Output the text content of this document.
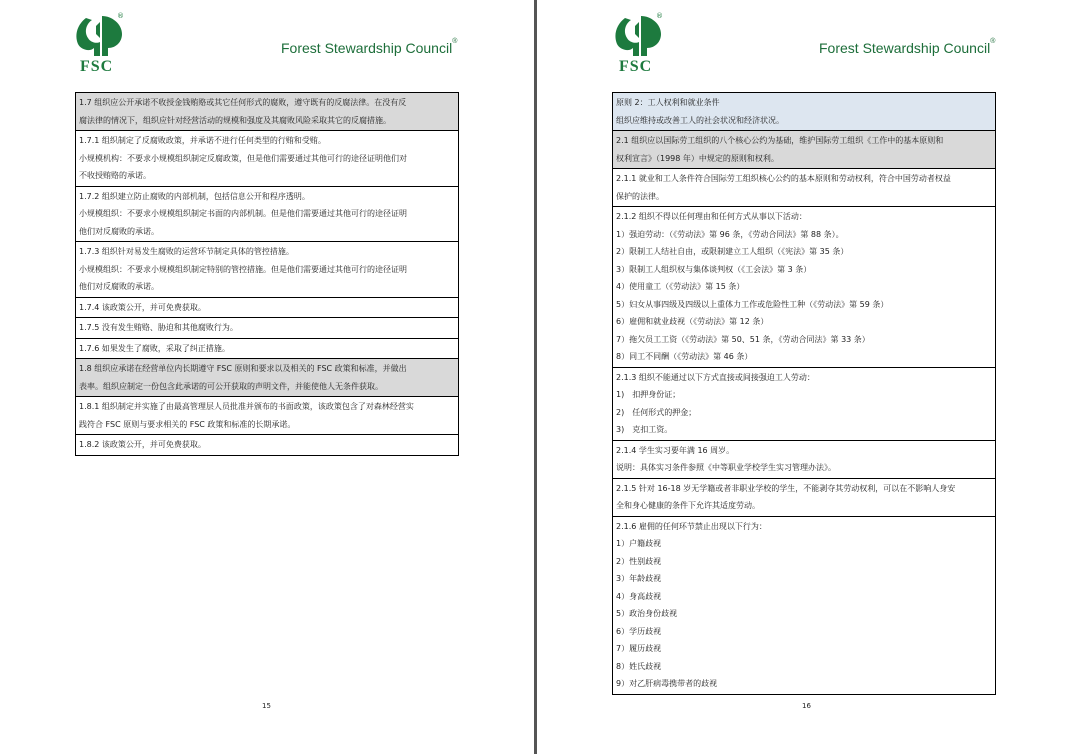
FSC
®
Forest Stewardship Council®
1.7 组织应公开承诺不收授金钱贿赂或其它任何形式的腐败，遵守既有的反腐法律。在没有反
腐法律的情况下，组织应针对经营活动的规模和强度及其腐败风险采取其它的反腐措施。
1.7.1 组织制定了反腐败政策，并承诺不进行任何类型的行贿和受贿。
小规模机构：不要求小规模组织制定反腐政策，但是他们需要通过其他可行的途径证明他们对
不收授贿赂的承诺。
1.7.2 组织建立防止腐败的内部机制，包括信息公开和程序透明。
小规模组织：不要求小规模组织制定书面的内部机制。但是他们需要通过其他可行的途径证明
他们对反腐败的承诺。
1.7.3 组织针对易发生腐败的运营环节制定具体的管控措施。
小规模组织：不要求小规模组织制定特别的管控措施。但是他们需要通过其他可行的途径证明
他们对反腐败的承诺。
1.7.4 该政策公开，并可免费获取。
1.7.5 没有发生贿赂、胁迫和其他腐败行为。
1.7.6 如果发生了腐败，采取了纠正措施。
1.8 组织应承诺在经营单位内长期遵守 FSC 原则和要求以及相关的 FSC 政策和标准，并做出
表率。组织应制定一份包含此承诺的可公开获取的声明文件，并能使他人无条件获取。
1.8.1 组织制定并实施了由最高管理层人员批准并颁布的书面政策，该政策包含了对森林经营实
践符合 FSC 原则与要求相关的 FSC 政策和标准的长期承诺。
1.8.2 该政策公开，并可免费获取。
15
FSC
®
Forest Stewardship Council®
原则 2：工人权利和就业条件
组织应维持或改善工人的社会状况和经济状况。
2.1 组织应以国际劳工组织的八个核心公约为基础，维护国际劳工组织《工作中的基本原则和
权利宣言》（1998 年）中规定的原则和权利。
2.1.1 就业和工人条件符合国际劳工组织核心公约的基本原则和劳动权利，符合中国劳动者权益
保护的法律。
2.1.2 组织不得以任何理由和任何方式从事以下活动：
1）强迫劳动：（《劳动法》第 96 条，《劳动合同法》第 88 条）。
2）限制工人结社自由，或限制建立工人组织（《宪法》第 35 条）
3）限制工人组织权与集体谈判权（《工会法》第 3 条）
4）使用童工（《劳动法》第 15 条）
5）妇女从事四级及四级以上重体力工作或危险性工种（《劳动法》第 59 条）
6）雇佣和就业歧视（《劳动法》第 12 条）
7）拖欠员工工资（《劳动法》第 50、51 条，《劳动合同法》第 33 条）
8）同工不同酬（《劳动法》第 46 条）
2.1.3 组织不能通过以下方式直接或间接强迫工人劳动：
1)　扣押身份证；
2)　任何形式的押金；
3)　克扣工资。
2.1.4 学生实习要年满 16 周岁。
说明：具体实习条件参照《中等职业学校学生实习管理办法》。
2.1.5 针对 16-18 岁无学籍或者非职业学校的学生，不能剥夺其劳动权利，可以在不影响人身安
全和身心健康的条件下允许其适度劳动。
2.1.6 雇佣的任何环节禁止出现以下行为：
1）户籍歧视
2）性别歧视
3）年龄歧视
4）身高歧视
5）政治身份歧视
6）学历歧视
7）履历歧视
8）姓氏歧视
9）对乙肝病毒携带者的歧视
16
